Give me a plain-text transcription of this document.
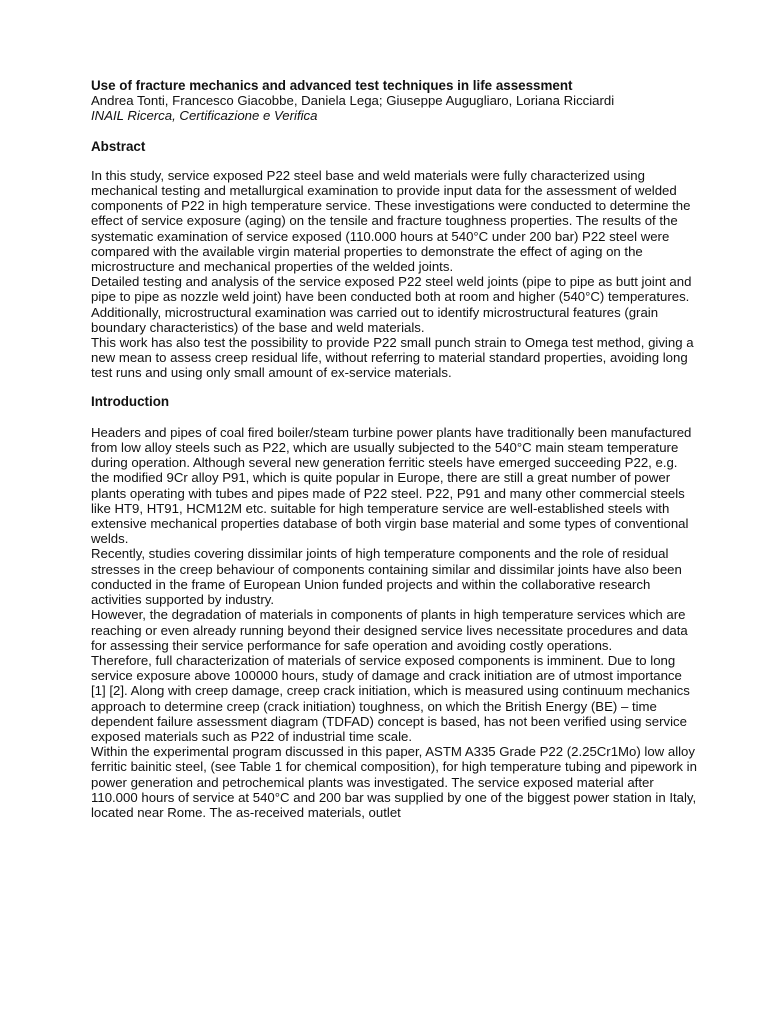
Use of fracture mechanics and advanced test techniques in life assessment
Andrea Tonti, Francesco Giacobbe, Daniela Lega; Giuseppe Augugliaro, Loriana Ricciardi
INAIL Ricerca, Certificazione e Verifica
Abstract

In this study, service exposed P22 steel base and weld materials were fully characterized using mechanical testing and metallurgical examination to provide input data for the assessment of welded components of P22 in high temperature service. These investigations were conducted to determine the effect of service exposure (aging) on the tensile and fracture toughness properties. The results of the systematic examination of service exposed (110.000 hours at 540°C under 200 bar) P22 steel were compared with the available virgin material properties to demonstrate the effect of aging on the microstructure and mechanical properties of the welded joints.

Detailed testing and analysis of the service exposed P22 steel weld joints (pipe to pipe as butt joint and pipe to pipe as nozzle weld joint) have been conducted both at room and higher (540°C) temperatures. Additionally, microstructural examination was carried out to identify microstructural features (grain boundary characteristics) of the base and weld materials.

This work has also test the possibility to provide P22 small punch strain to Omega test method, giving a new mean to assess creep residual life, without referring to material standard properties, avoiding long test runs and using only small amount of ex-service materials.

Introduction

Headers and pipes of coal fired boiler/steam turbine power plants have traditionally been manufactured from low alloy steels such as P22, which are usually subjected to the 540°C main steam temperature during operation. Although several new generation ferritic steels have emerged succeeding P22, e.g. the modified 9Cr alloy P91, which is quite popular in Europe, there are still a great number of power plants operating with tubes and pipes made of P22 steel. P22, P91 and many other commercial steels like HT9, HT91, HCM12M etc. suitable for high temperature service are well-established steels with extensive mechanical properties database of both virgin base material and some types of conventional welds.

Recently, studies covering dissimilar joints of high temperature components and the role of residual stresses in the creep behaviour of components containing similar and dissimilar joints have also been conducted in the frame of European Union funded projects and within the collaborative research activities supported by industry.

However, the degradation of materials in components of plants in high temperature services which are reaching or even already running beyond their designed service lives necessitate procedures and data for assessing their service performance for safe operation and avoiding costly operations.

Therefore, full characterization of materials of service exposed components is imminent. Due to long service exposure above 100000 hours, study of damage and crack initiation are of utmost importance [1] [2]. Along with creep damage, creep crack initiation, which is measured using continuum mechanics approach to determine creep (crack initiation) toughness, on which the British Energy (BE) – time dependent failure assessment diagram (TDFAD) concept is based, has not been verified using service exposed materials such as P22 of industrial time scale.

Within the experimental program discussed in this paper, ASTM A335 Grade P22 (2.25Cr1Mo) low alloy ferritic bainitic steel, (see Table 1 for chemical composition), for high temperature tubing and pipework in power generation and petrochemical plants was investigated. The service exposed material after 110.000 hours of service at 540°C and 200 bar was supplied by one of the biggest power station in Italy, located near Rome. The as-received materials, outlet
